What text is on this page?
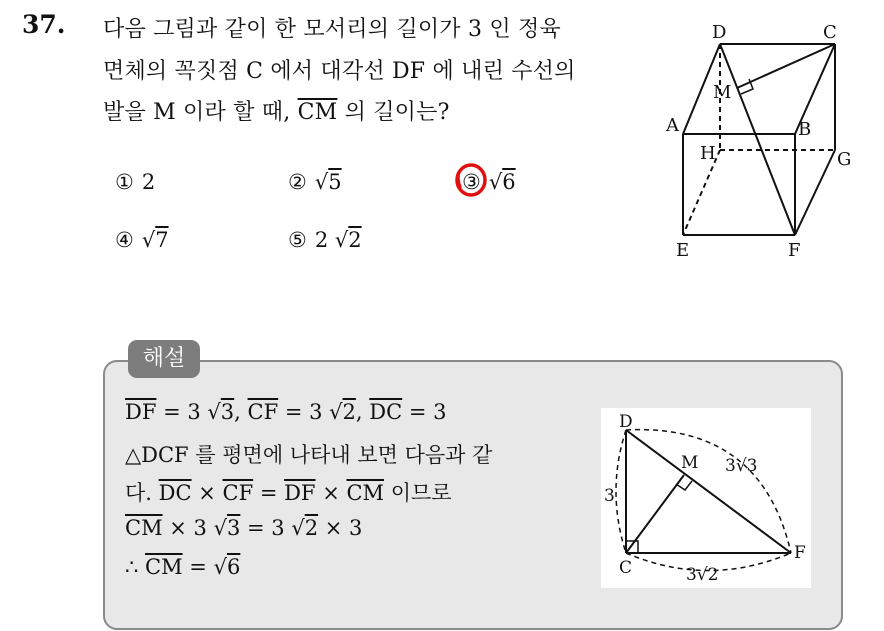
37. 다음 그림과 같이 한 모서리의 길이가 3 인 정육
면체의 꼭짓점 C 에서 대각선 DF 에 내린 수선의
발을 M 이라 할 때, $\overline{CM}$ 의 길이는?
① 2	② √5	③ √6
④ √7	⑤ 2 √2
D	C
M
A	B
H	G
E	F
해설
$\overline{DF} = 3$ √3, $\overline{CF} = 3$ √2, $\overline{DC} = 3$
△DCF 를 평면에 나타내 보면 다음과 같
다. $\overline{DC} \times \overline{CF} = \overline{DF} \times \overline{CM}$ 이므로
$\overline{CM} \times 3$ √3 = 3 √2 × 3
∴ $\overline{CM} = √6$
D
M 3√3
3
C	3√2
F
